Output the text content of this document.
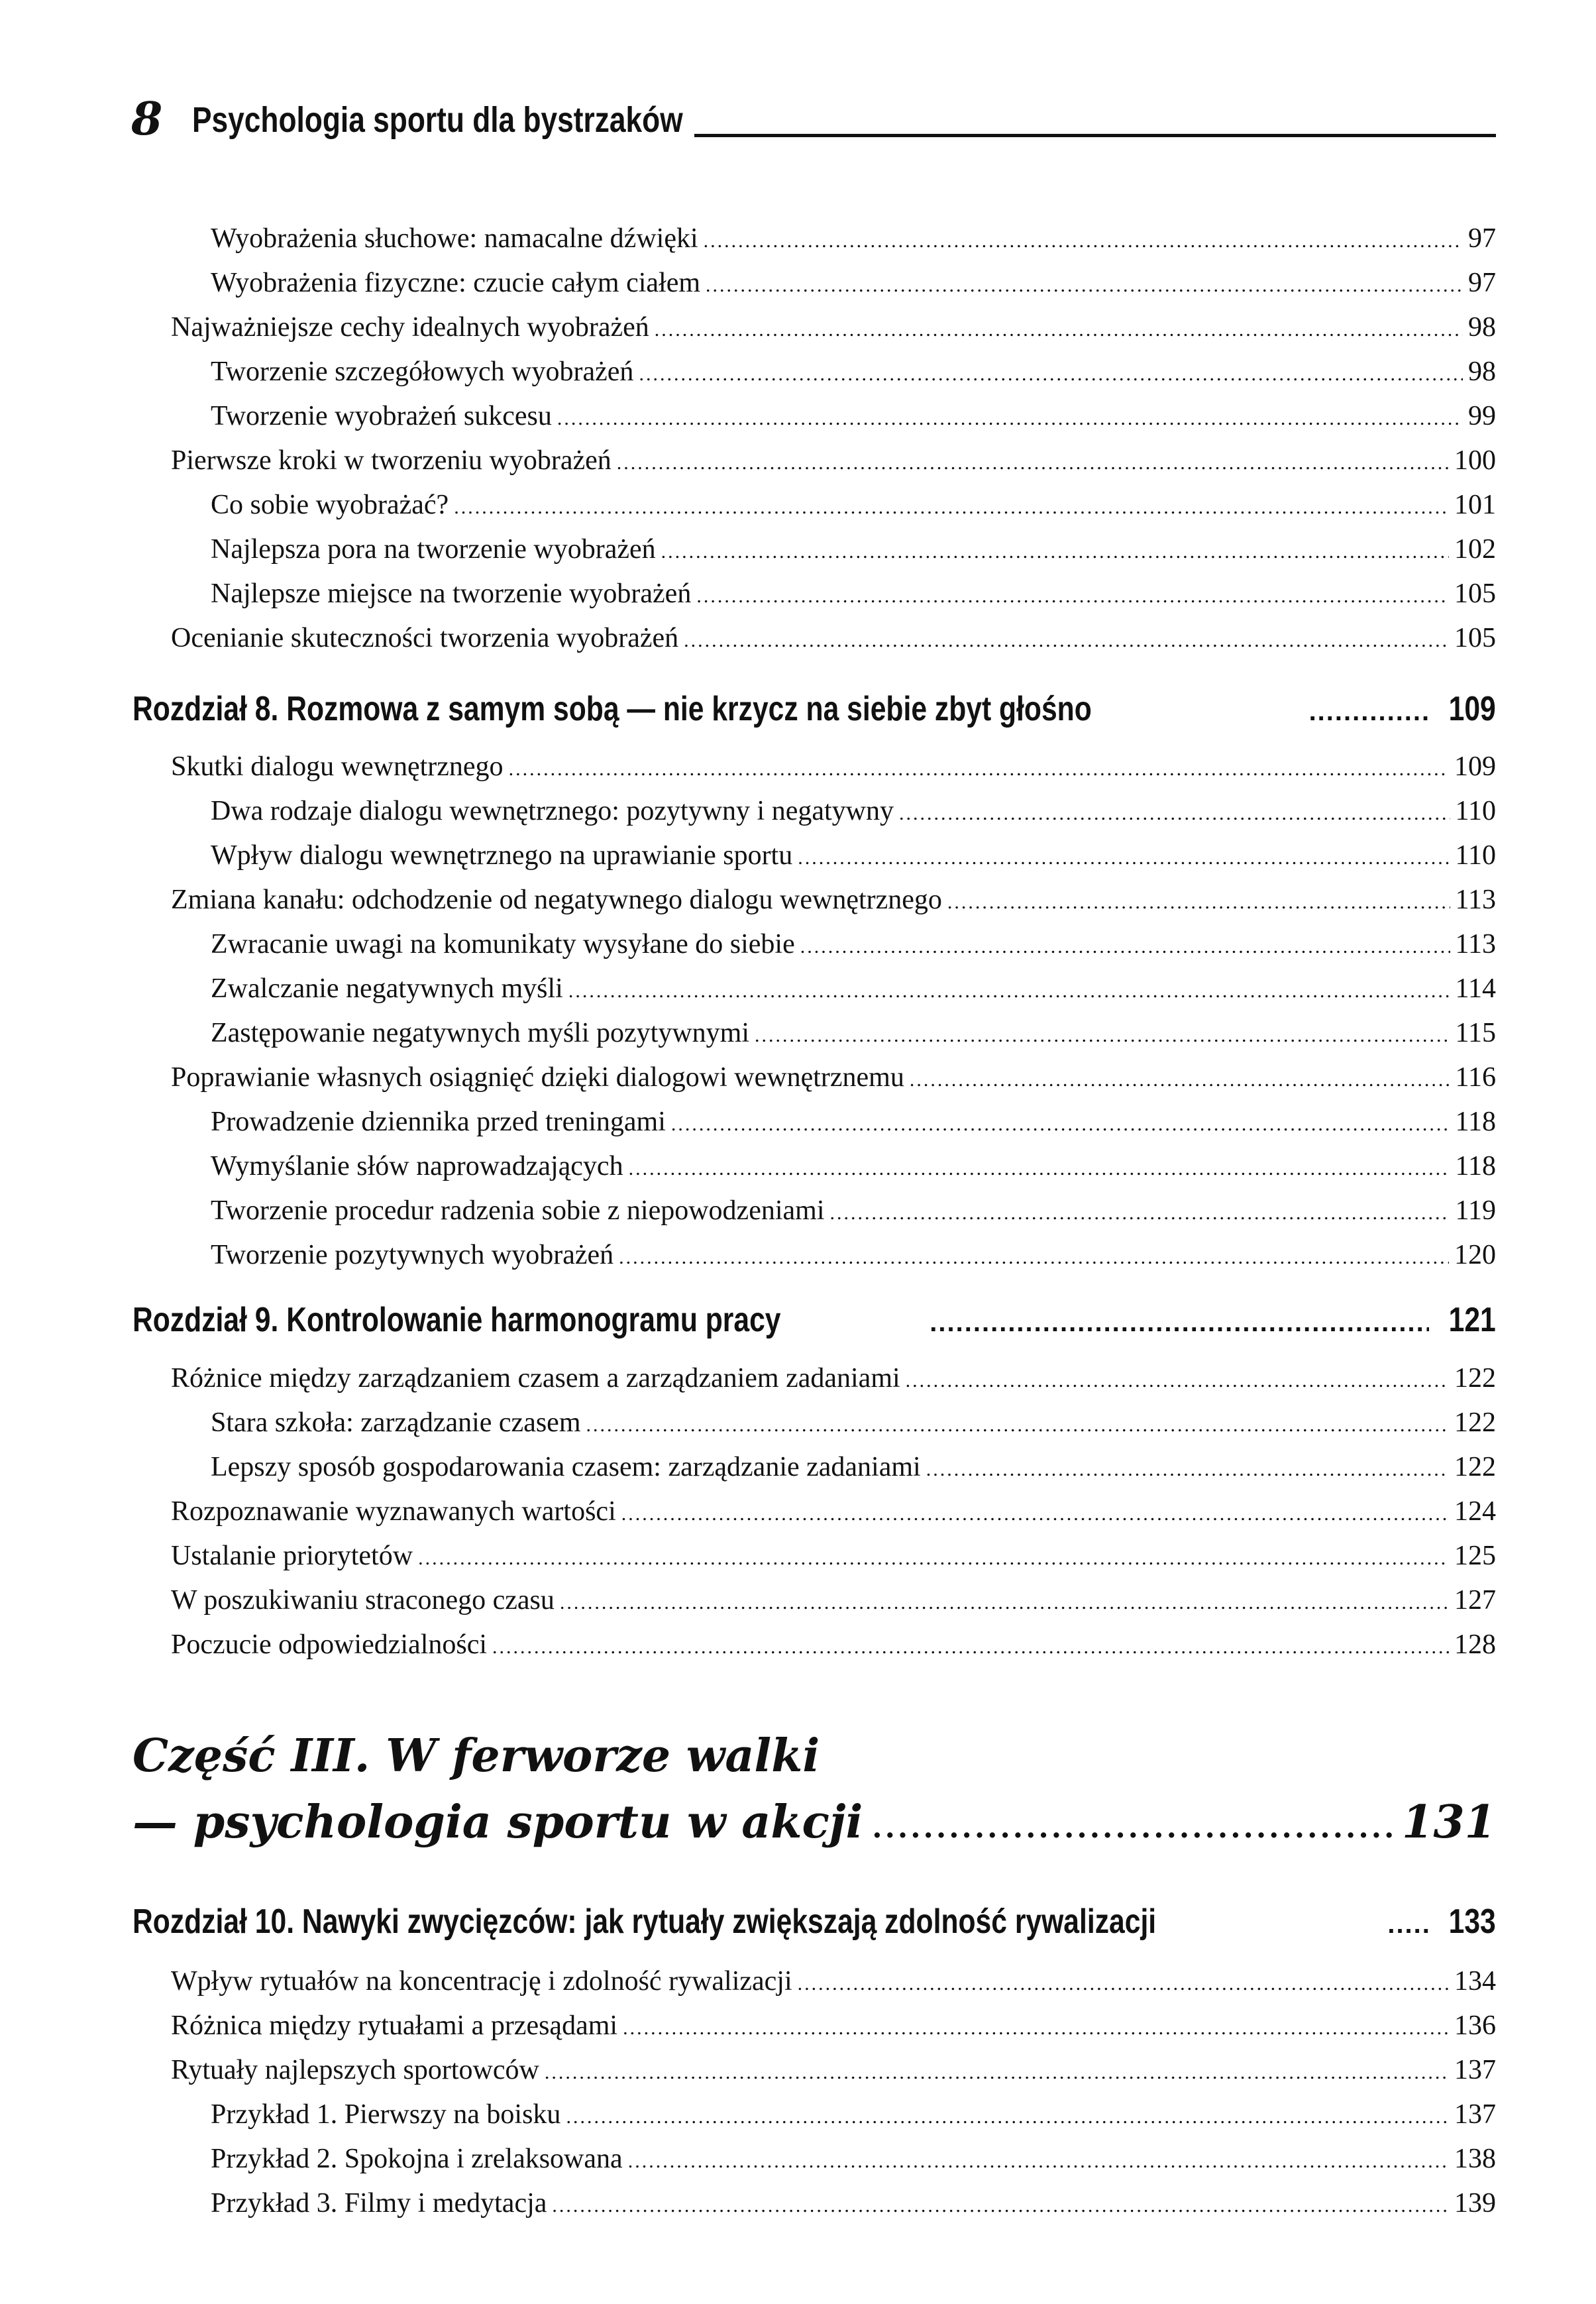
8 Psychologia sportu dla bystrzaków
Wyobrażenia słuchowe: namacalne dźwięki .....	97
Wyobrażenia fizyczne: czucie całym ciałem .....	97
Najważniejsze cechy idealnych wyobrażeń .....	98
Tworzenie szczegółowych wyobrażeń .....	98
Tworzenie wyobrażeń sukcesu .....	99
Pierwsze kroki w tworzeniu wyobrażeń .....	100
Co sobie wyobrażać? .....	101
Najlepsza pora na tworzenie wyobrażeń .....	102
Najlepsze miejsce na tworzenie wyobrażeń .....	105
Ocenianie skuteczności tworzenia wyobrażeń .....	105
Rozdział 8. Rozmowa z samym sobą — nie krzycz na siebie zbyt głośno .....	109
Skutki dialogu wewnętrznego .....	109
Dwa rodzaje dialogu wewnętrznego: pozytywny i negatywny .....	110
Wpływ dialogu wewnętrznego na uprawianie sportu .....	110
Zmiana kanału: odchodzenie od negatywnego dialogu wewnętrznego .....	113
Zwracanie uwagi na komunikaty wysyłane do siebie .....	113
Zwalczanie negatywnych myśli .....	114
Zastępowanie negatywnych myśli pozytywnymi .....	115
Poprawianie własnych osiągnięć dzięki dialogowi wewnętrznemu .....	116
Prowadzenie dziennika przed treningami .....	118
Wymyślanie słów naprowadzających .....	118
Tworzenie procedur radzenia sobie z niepowodzeniami .....	119
Tworzenie pozytywnych wyobrażeń .....	120
Rozdział 9. Kontrolowanie harmonogramu pracy .....	121
Różnice między zarządzaniem czasem a zarządzaniem zadaniami .....	122
Stara szkoła: zarządzanie czasem .....	122
Lepszy sposób gospodarowania czasem: zarządzanie zadaniami .....	122
Rozpoznawanie wyznawanych wartości .....	124
Ustalanie priorytetów .....	125
W poszukiwaniu straconego czasu .....	127
Poczucie odpowiedzialności .....	128
Część III. W ferworze walki
— psychologia sportu w akcji .....	131
Rozdział 10. Nawyki zwycięzców: jak rytuały zwiększają zdolność rywalizacji .....	133
Wpływ rytuałów na koncentrację i zdolność rywalizacji .....	134
Różnica między rytuałami a przesądami .....	136
Rytuały najlepszych sportowców .....	137
Przykład 1. Pierwszy na boisku .....	137
Przykład 2. Spokojna i zrelaksowana .....	138
Przykład 3. Filmy i medytacja .....	139
